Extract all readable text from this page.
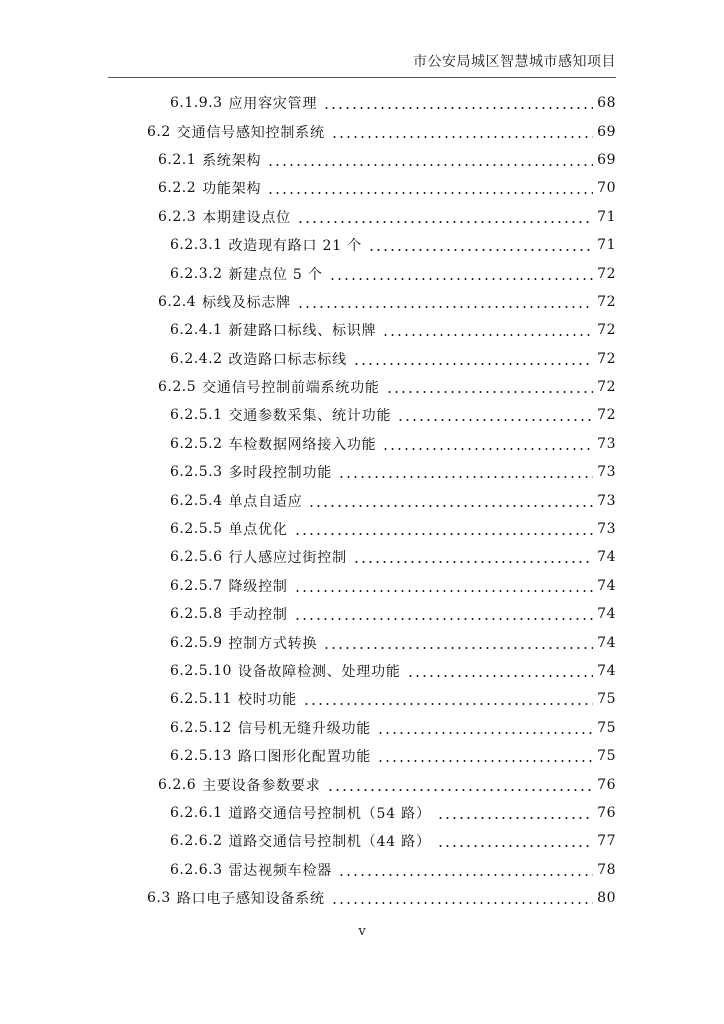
市公安局城区智慧城市感知项目
6.1.9.3 应用容灾管理	68
6.2 交通信号感知控制系统	69
6.2.1 系统架构	69
6.2.2 功能架构	70
6.2.3 本期建设点位	71
6.2.3.1 改造现有路口 21 个	71
6.2.3.2 新建点位 5 个	72
6.2.4 标线及标志牌	72
6.2.4.1 新建路口标线、标识牌	72
6.2.4.2 改造路口标志标线	72
6.2.5 交通信号控制前端系统功能	72
6.2.5.1 交通参数采集、统计功能	72
6.2.5.2 车检数据网络接入功能	73
6.2.5.3 多时段控制功能	73
6.2.5.4 单点自适应	73
6.2.5.5 单点优化	73
6.2.5.6 行人感应过街控制	74
6.2.5.7 降级控制	74
6.2.5.8 手动控制	74
6.2.5.9 控制方式转换	74
6.2.5.10 设备故障检测、处理功能	74
6.2.5.11 校时功能	75
6.2.5.12 信号机无缝升级功能	75
6.2.5.13 路口图形化配置功能	75
6.2.6 主要设备参数要求	76
6.2.6.1 道路交通信号控制机（54 路）	76
6.2.6.2 道路交通信号控制机（44 路）	77
6.2.6.3 雷达视频车检器	78
6.3 路口电子感知设备系统	80
v
